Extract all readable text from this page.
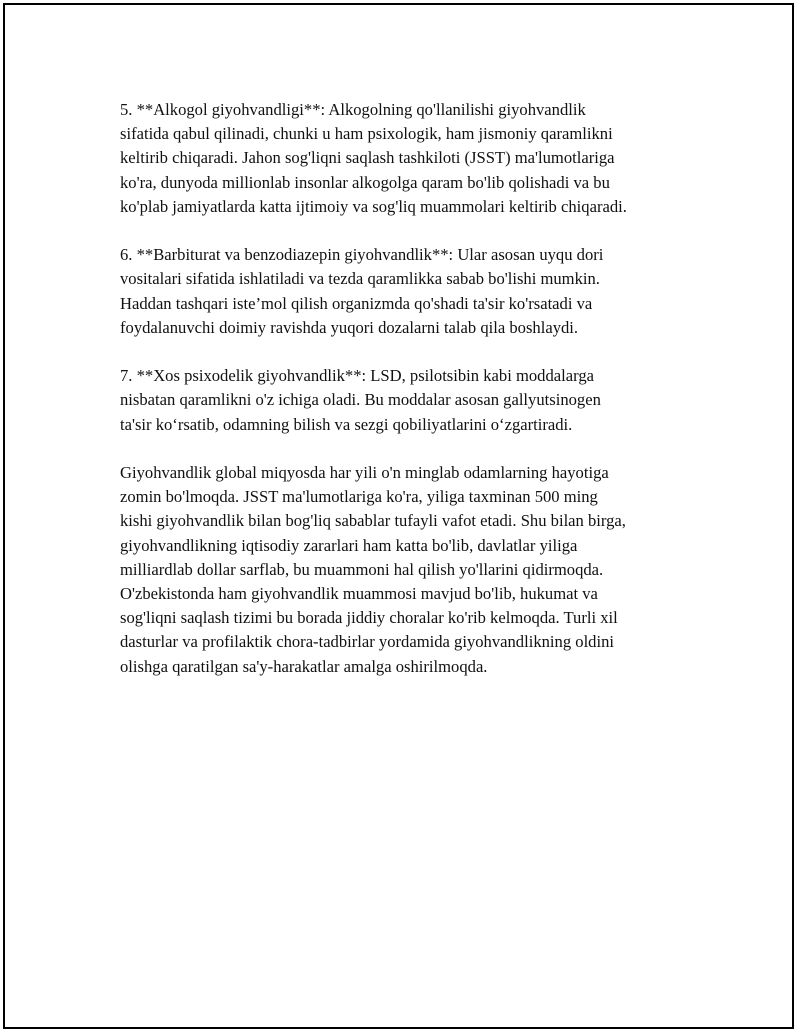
5. **Alkogol giyohvandligi**: Alkogolning qo'llanilishi giyohvandlik
sifatida qabul qilinadi, chunki u ham psixologik, ham jismoniy qaramlikni
keltirib chiqaradi. Jahon sog'liqni saqlash tashkiloti (JSST) ma'lumotlariga
ko'ra, dunyoda millionlab insonlar alkogolga qaram bo'lib qolishadi va bu
ko'plab jamiyatlarda katta ijtimoiy va sog'liq muammolari keltirib chiqaradi.

6. **Barbiturat va benzodiazepin giyohvandlik**: Ular asosan uyqu dori
vositalari sifatida ishlatiladi va tezda qaramlikka sabab bo'lishi mumkin.
Haddan tashqari iste’mol qilish organizmda qo'shadi ta'sir ko'rsatadi va
foydalanuvchi doimiy ravishda yuqori dozalarni talab qila boshlaydi.

7. **Xos psixodelik giyohvandlik**: LSD, psilotsibin kabi moddalarga
nisbatan qaramlikni o'z ichiga oladi. Bu moddalar asosan gallyutsinogen
ta'sir ko‘rsatib, odamning bilish va sezgi qobiliyatlarini o‘zgartiradi.

Giyohvandlik global miqyosda har yili o'n minglab odamlarning hayotiga
zomin bo'lmoqda. JSST ma'lumotlariga ko'ra, yiliga taxminan 500 ming
kishi giyohvandlik bilan bog'liq sabablar tufayli vafot etadi. Shu bilan birga,
giyohvandlikning iqtisodiy zararlari ham katta bo'lib, davlatlar yiliga
milliardlab dollar sarflab, bu muammoni hal qilish yo'llarini qidirmoqda.
O'zbekistonda ham giyohvandlik muammosi mavjud bo'lib, hukumat va
sog'liqni saqlash tizimi bu borada jiddiy choralar ko'rib kelmoqda. Turli xil
dasturlar va profilaktik chora-tadbirlar yordamida giyohvandlikning oldini
olishga qaratilgan sa'y-harakatlar amalga oshirilmoqda.
